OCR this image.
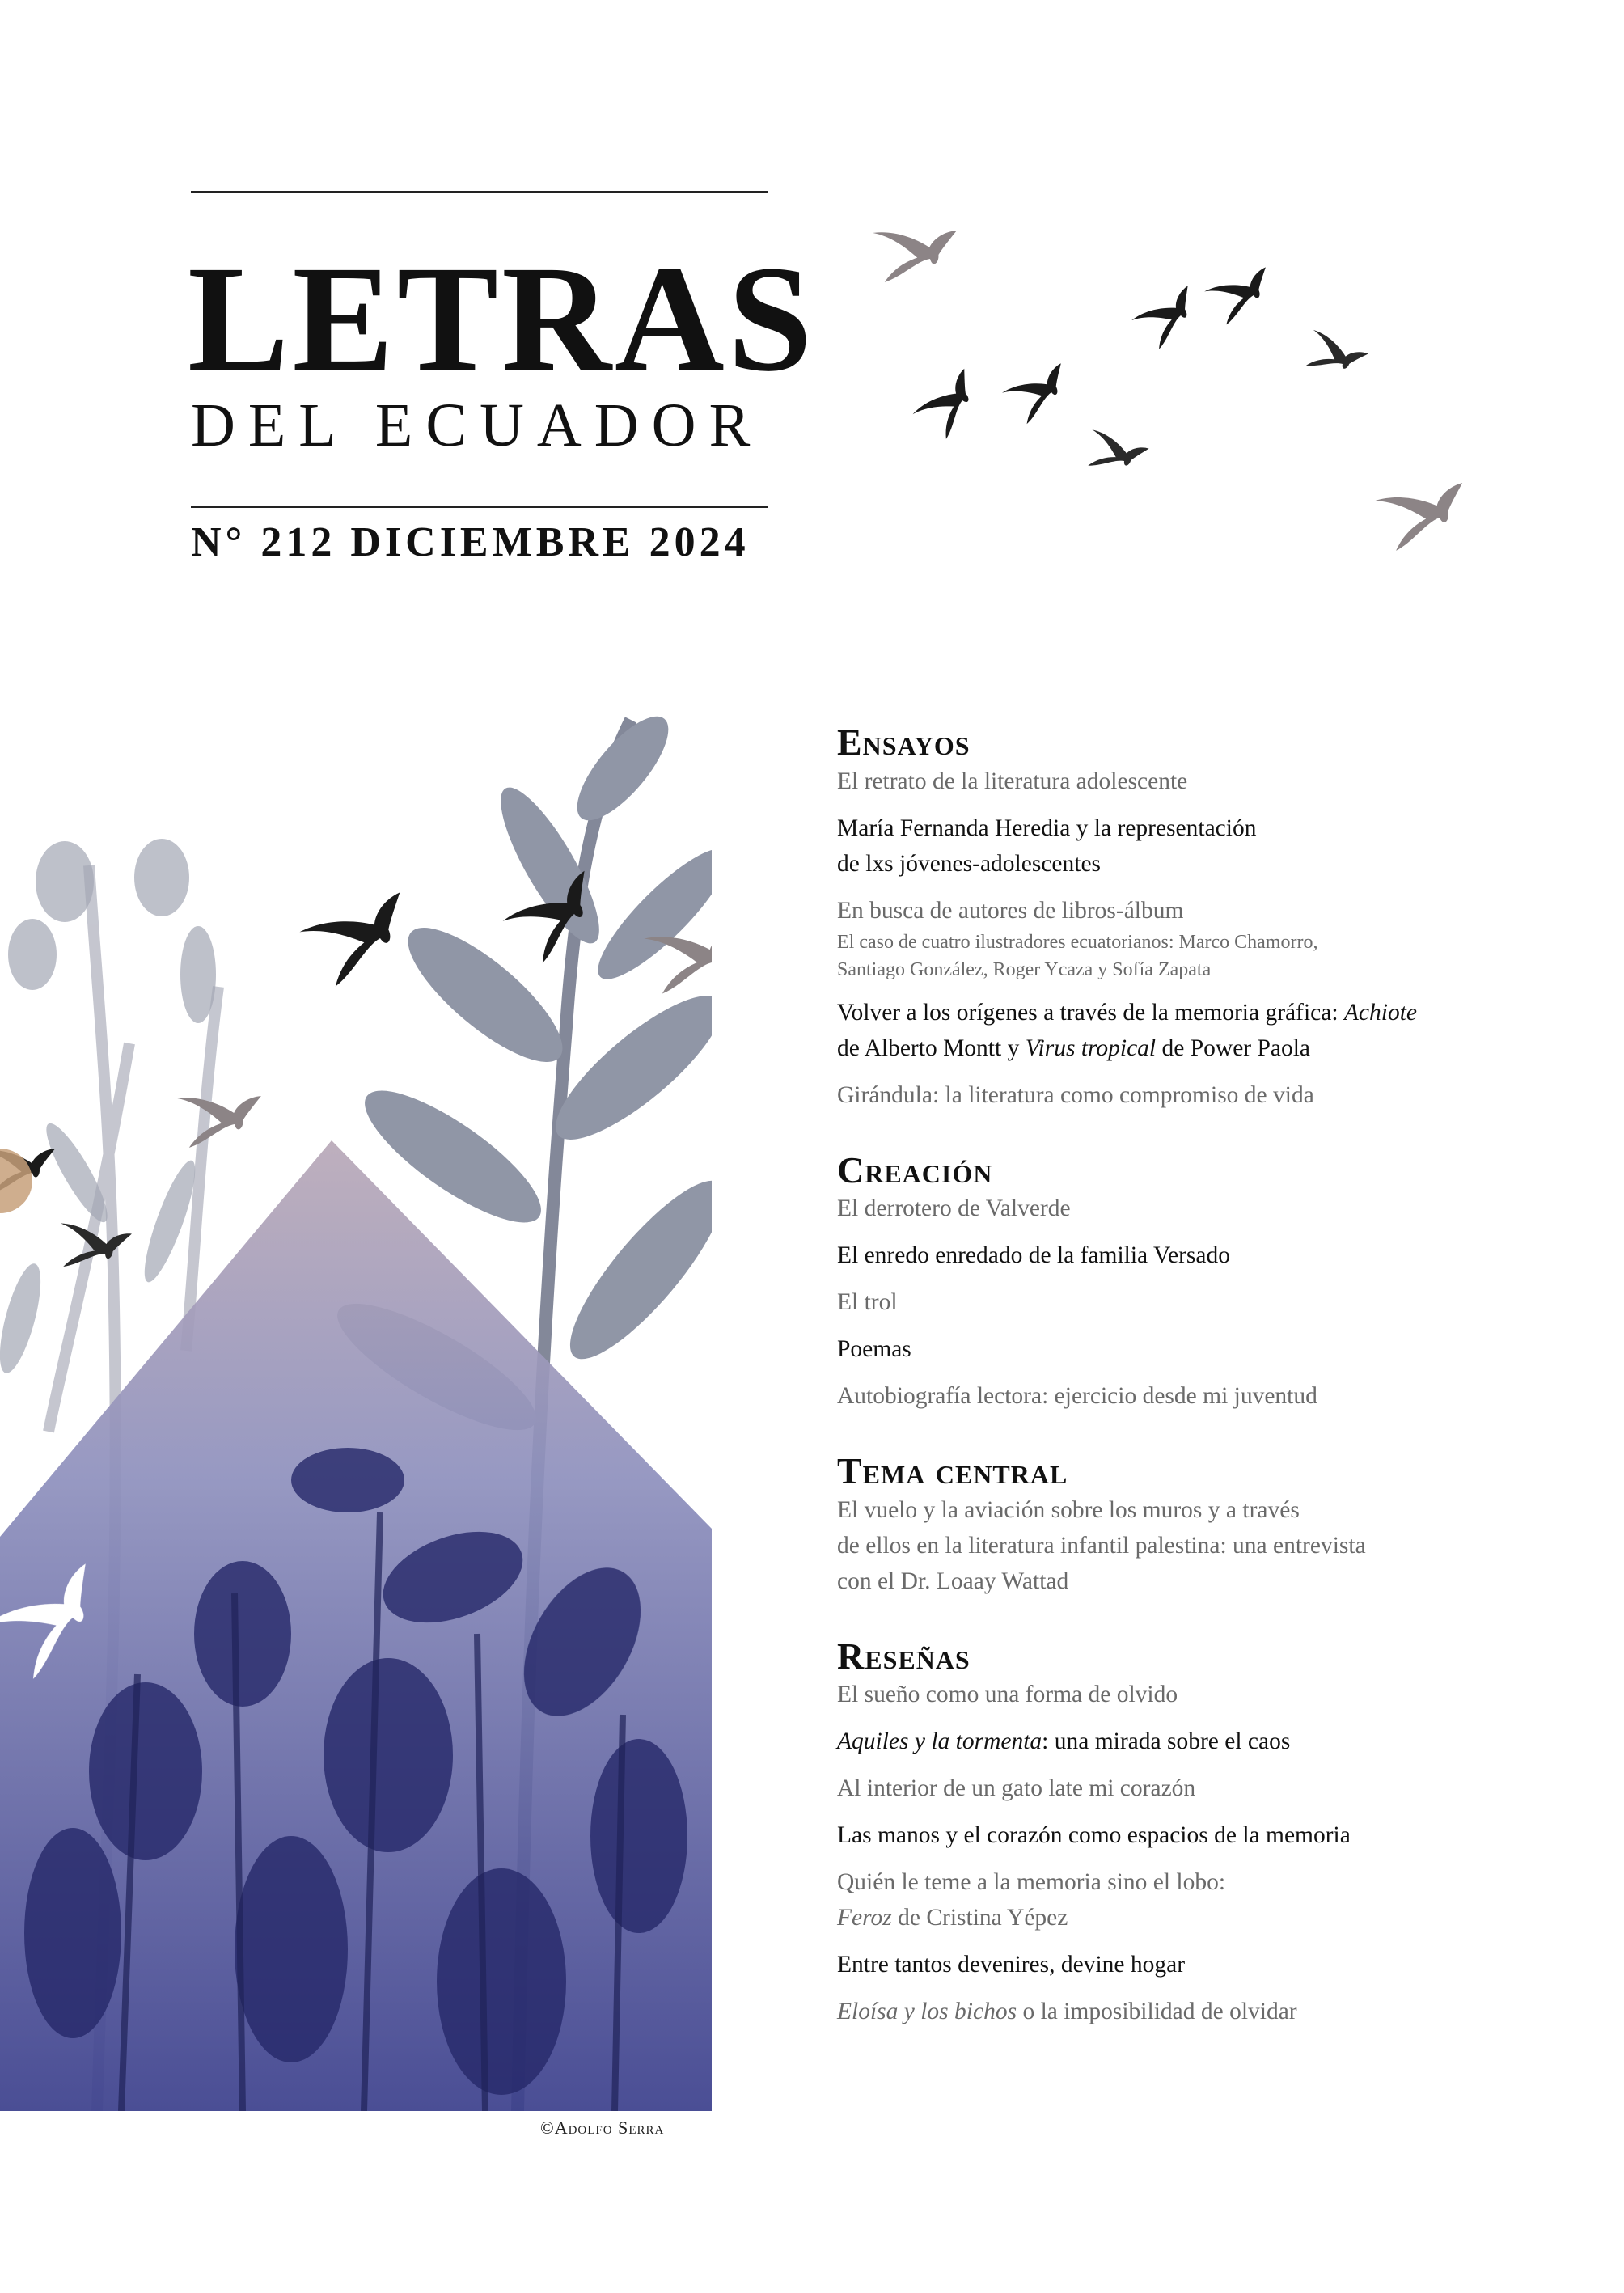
LETRAS
DEL ECUADOR
N° 212 DICIEMBRE 2024
©Adolfo Serra
Ensayos
El retrato de la literatura adolescente
María Fernanda Heredia y la representación
de lxs jóvenes-adolescentes
En busca de autores de libros-álbum
El caso de cuatro ilustradores ecuatorianos: Marco Chamorro,
Santiago González, Roger Ycaza y Sofía Zapata
Volver a los orígenes a través de la memoria gráfica: Achiote
de Alberto Montt y Virus tropical de Power Paola
Girándula: la literatura como compromiso de vida
Creación
El derrotero de Valverde
El enredo enredado de la familia Versado
El trol
Poemas
Autobiografía lectora: ejercicio desde mi juventud
Tema central
El vuelo y la aviación sobre los muros y a través
de ellos en la literatura infantil palestina: una entrevista
con el Dr. Loaay Wattad
Reseñas
El sueño como una forma de olvido
Aquiles y la tormenta: una mirada sobre el caos
Al interior de un gato late mi corazón
Las manos y el corazón como espacios de la memoria
Quién le teme a la memoria sino el lobo:
Feroz de Cristina Yépez
Entre tantos devenires, devine hogar
Eloísa y los bichos o la imposibilidad de olvidar
